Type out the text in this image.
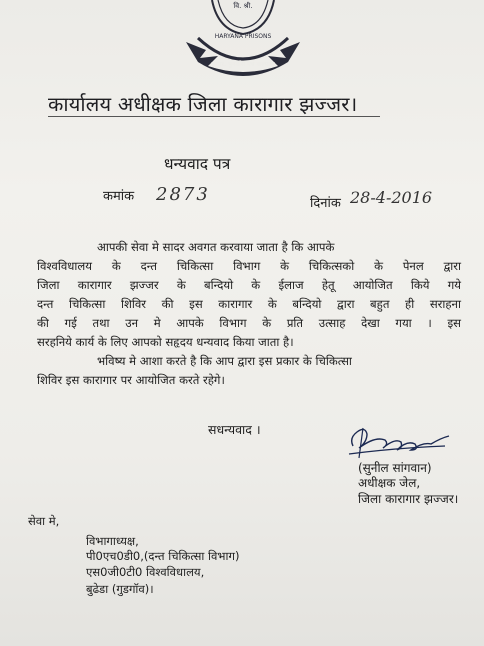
वि. श्री.
HARYANA PRISONS
सुधार, पुनर्वास एवं कल्याण
कार्यालय अधीक्षक जिला कारागार झज्जर।
धन्यवाद पत्र
कमांक 2873	दिनांक 28-4-2016
आपकी सेवा मे सादर अवगत करवाया जाता है कि आपके
विश्वविधालय के दन्त चिकित्सा विभाग के चिकित्सको के पेनल द्वारा
जिला कारागार झज्जर के बन्दियो के ईलाज हेतू आयोजित किये गये
दन्त चिकित्सा शिविर की इस कारागार के बन्दियो द्वारा बहुत ही सराहना
की गई तथा उन मे आपके विभाग के प्रति उत्साह देखा गया । इस
सरहनिये कार्य के लिए आपको सहृदय धन्यवाद किया जाता है।
भविष्य मे आशा करते है कि आप द्वारा इस प्रकार के चिकित्सा
शिविर इस कारागार पर आयोजित करते रहेगे।
सधन्यवाद ।
(सुनील सांगवान)
अधीक्षक जेल,
जिला कारागार झज्जर।
सेवा मे,
विभागाध्यक्ष,
पी0एच0डी0,(दन्त चिकित्सा विभाग)
एस0जी0टी0 विश्वविधालय,
बुढेडा (गुडगॉव)।
